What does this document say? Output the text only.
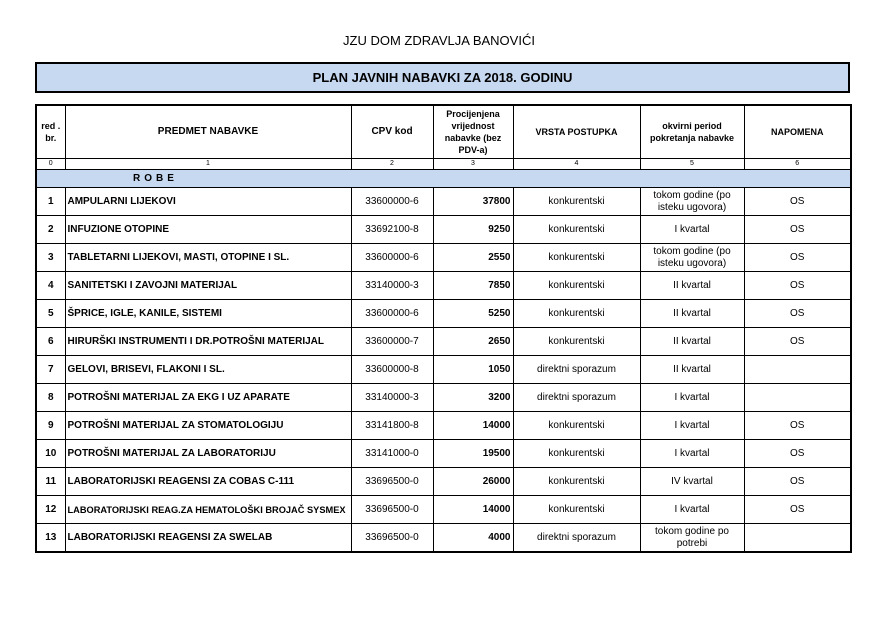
JZU DOM ZDRAVLJA BANOVIĆI
PLAN JAVNIH NABAVKI ZA 2018. GODINU
red . br.	PREDMET NABAVKE	CPV kod	Procijenjena vrijednost nabavke (bez PDV-a)	VRSTA POSTUPKA	okvirni period pokretanja nabavke	NAPOMENA
0	1	2	3	4	5	6
ROBE						
1	AMPULARNI LIJEKOVI	33600000-6	37800	konkurentski	tokom godine (po isteku ugovora)	OS
2	INFUZIONE OTOPINE	33692100-8	9250	konkurentski	I kvartal	OS
3	TABLETARNI LIJEKOVI, MASTI, OTOPINE I SL.	33600000-6	2550	konkurentski	tokom godine (po isteku ugovora)	OS
4	SANITETSKI I ZAVOJNI MATERIJAL	33140000-3	7850	konkurentski	II kvartal	OS
5	ŠPRICE, IGLE, KANILE, SISTEMI	33600000-6	5250	konkurentski	II kvartal	OS
6	HIRURŠKI INSTRUMENTI I DR.POTROŠNI MATERIJAL	33600000-7	2650	konkurentski	II kvartal	OS
7	GELOVI, BRISEVI, FLAKONI I SL.	33600000-8	1050	direktni sporazum	II kvartal	
8	POTROŠNI MATERIJAL ZA EKG I UZ APARATE	33140000-3	3200	direktni sporazum	I kvartal	
9	POTROŠNI MATERIJAL ZA STOMATOLOGIJU	33141800-8	14000	konkurentski	I kvartal	OS
10	POTROŠNI MATERIJAL ZA LABORATORIJU	33141000-0	19500	konkurentski	I kvartal	OS
11	LABORATORIJSKI REAGENSI ZA COBAS C-111	33696500-0	26000	konkurentski	IV kvartal	OS
12	LABORATORIJSKI REAG.ZA HEMATOLOŠKI BROJAČ SYSMEX	33696500-0	14000	konkurentski	I kvartal	OS
13	LABORATORIJSKI REAGENSI ZA SWELAB	33696500-0	4000	direktni sporazum	tokom godine po potrebi	
